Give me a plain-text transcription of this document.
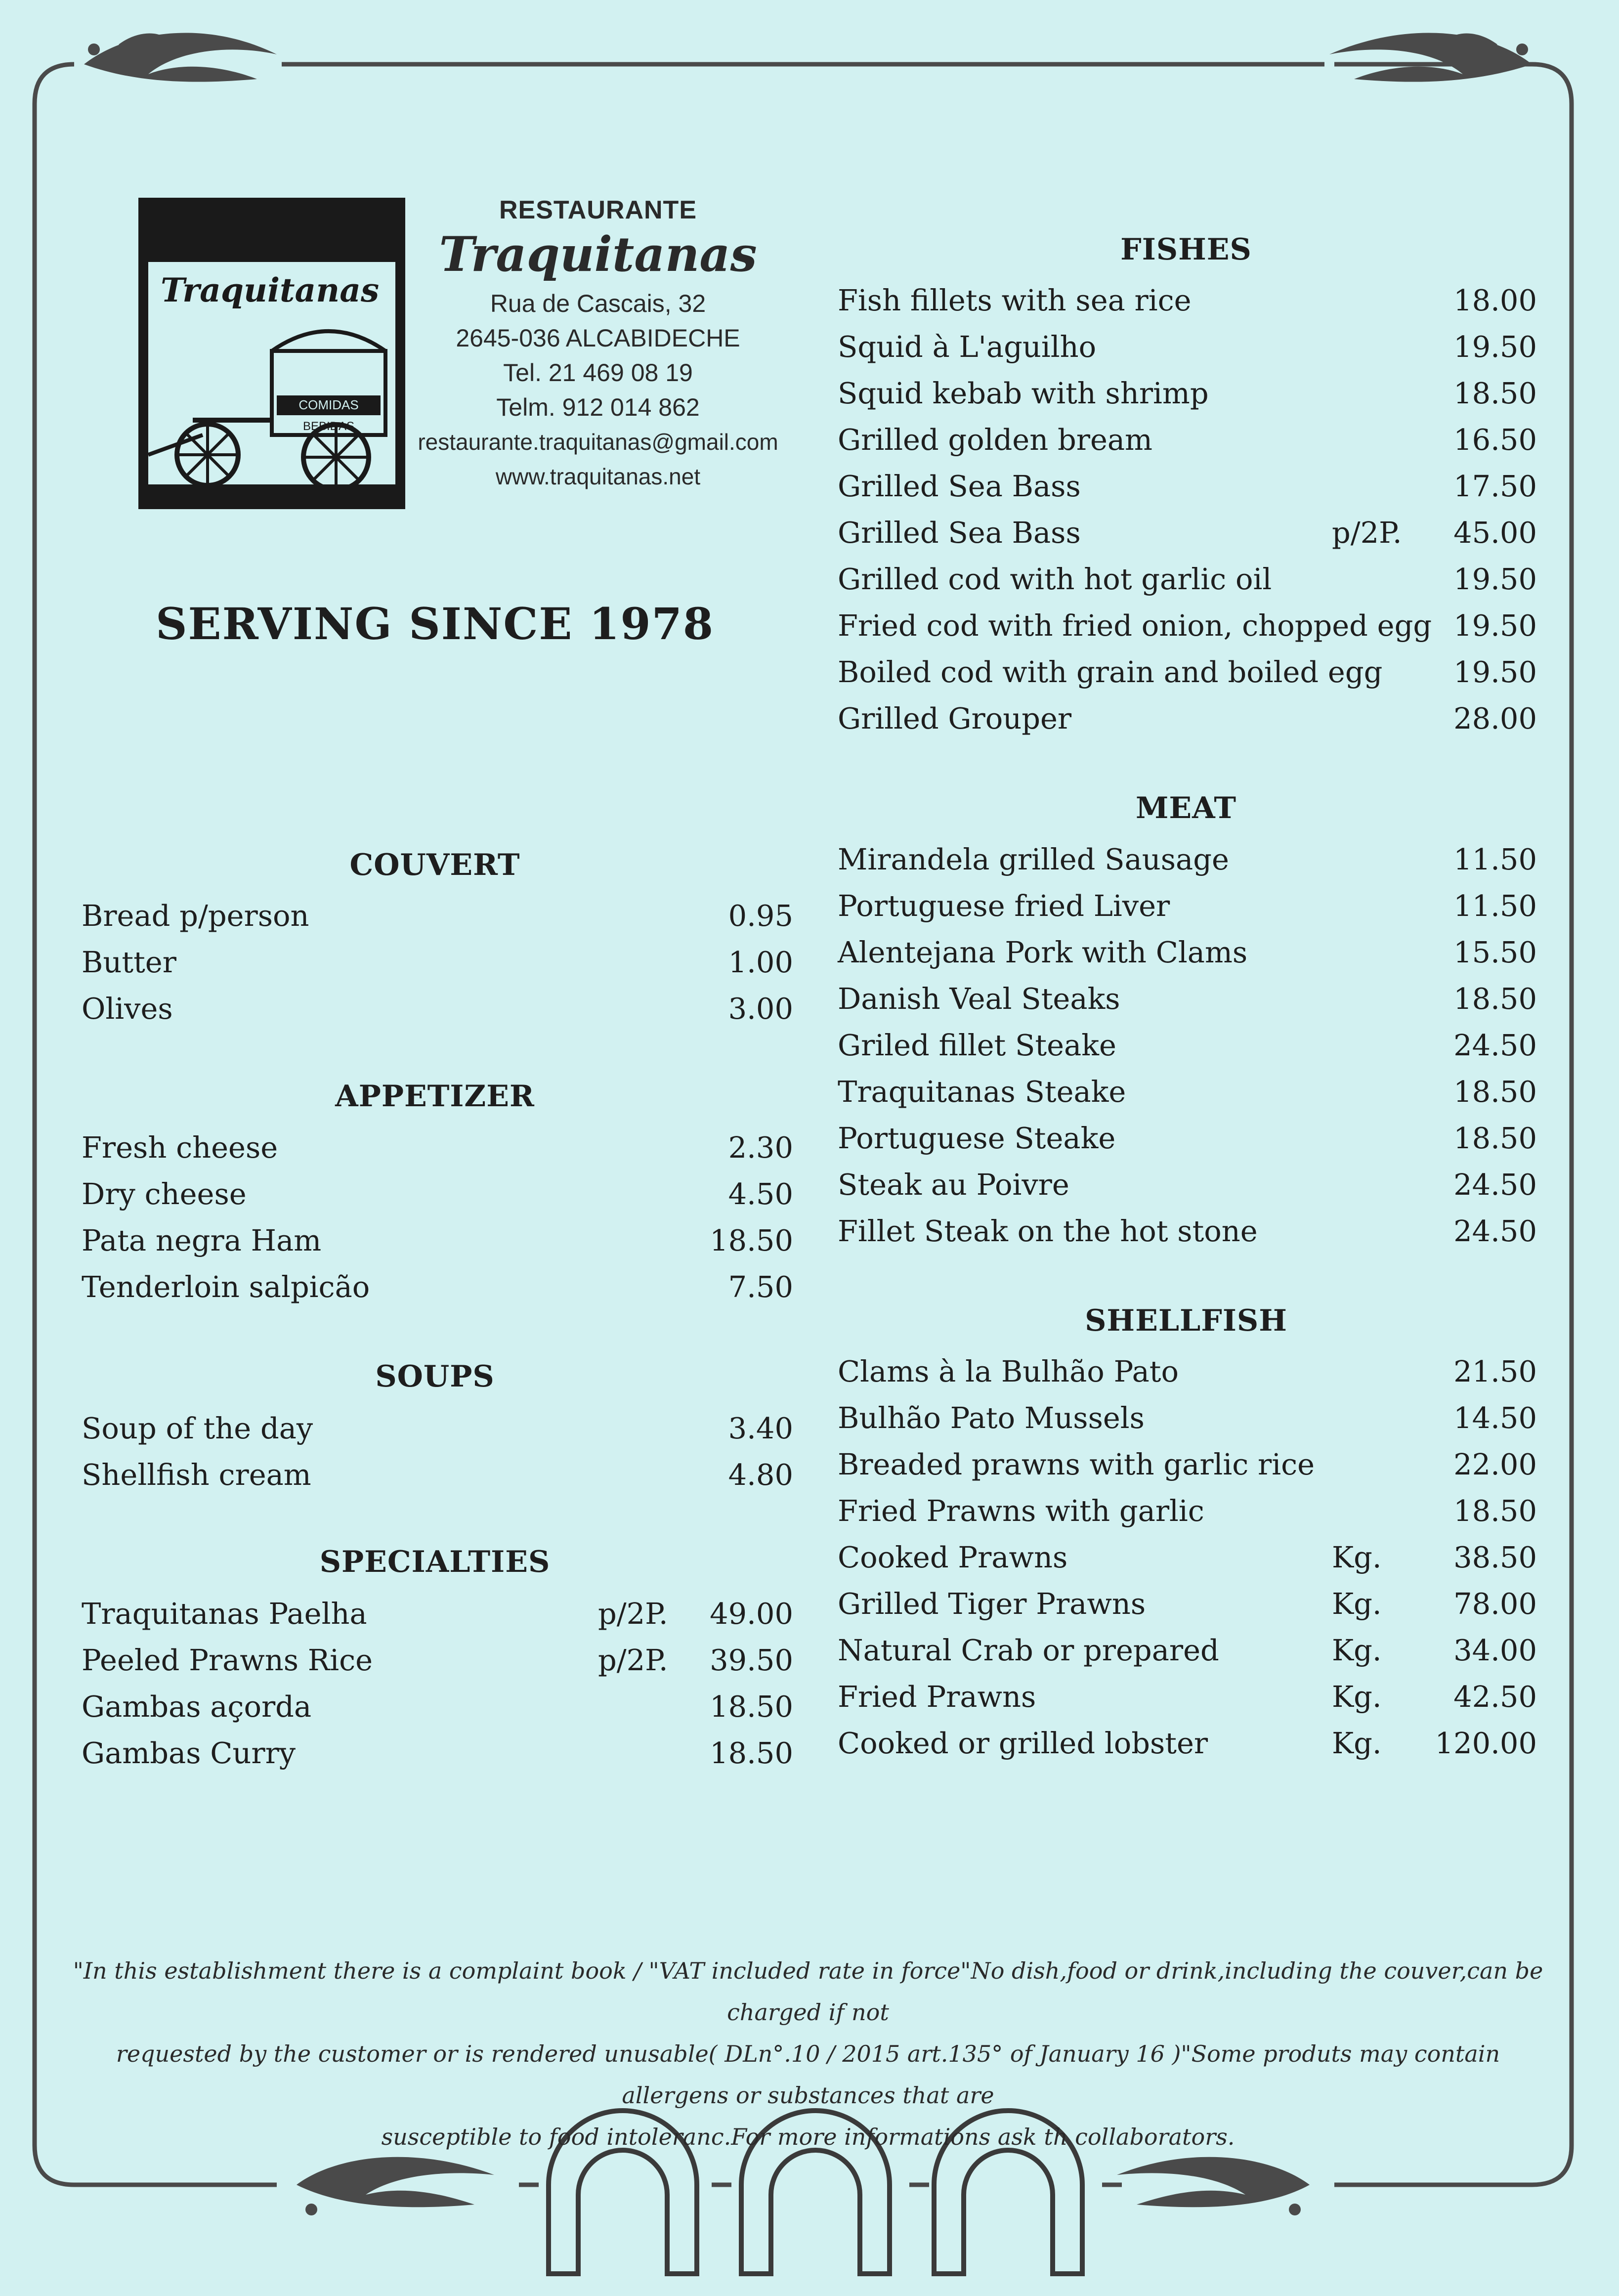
Traquitanas
COMIDAS
BEBIDAS
RESTAURANTE
Traquitanas
Rua de Cascais, 32
2645-036 ALCABIDECHE
Tel. 21 469 08 19
Telm. 912 014 862
restaurante.traquitanas@gmail.com
www.traquitanas.net
SERVING SINCE 1978
COUVERT
Bread p/person	0.95
Butter	1.00
Olives	3.00
APPETIZER
Fresh cheese	2.30
Dry cheese	4.50
Pata negra Ham	18.50
Tenderloin salpicão	7.50
SOUPS
Soup of the day	3.40
Shellfish cream	4.80
SPECIALTIES
Traquitanas Paelha	p/2P. 49.00
Peeled Prawns Rice	p/2P. 39.50
Gambas açorda	18.50
Gambas Curry	18.50
FISHES
Fish fillets with sea rice	18.00
Squid à L'aguilho	19.50
Squid kebab with shrimp	18.50
Grilled golden bream	16.50
Grilled Sea Bass	17.50
Grilled Sea Bass	p/2P. 45.00
Grilled cod with hot garlic oil	19.50
Fried cod with fried onion, chopped egg 19.50
Boiled cod with grain and boiled egg 19.50
Grilled Grouper	28.00
MEAT
Mirandela grilled Sausage	11.50
Portuguese fried Liver	11.50
Alentejana Pork with Clams	15.50
Danish Veal Steaks	18.50
Griled fillet Steake	24.50
Traquitanas Steake	18.50
Portuguese Steake	18.50
Steak au Poivre	24.50
Fillet Steak on the hot stone	24.50
SHELLFISH
Clams à la Bulhão Pato	21.50
Bulhão Pato Mussels	14.50
Breaded prawns with garlic rice	22.00
Fried Prawns with garlic	18.50
Cooked Prawns	Kg. 38.50
Grilled Tiger Prawns	Kg. 78.00
Natural Crab or prepared	Kg. 34.00
Fried Prawns	Kg. 42.50
Cooked or grilled lobster	Kg. 120.00
"In this establishment there is a complaint book / "VAT included rate in force"No dish,food or drink,including the couver,can be charged if not
requested by the customer or is rendered unusable( DLn°.10 / 2015 art.135° of January 16 )"Some produts may contain allergens or substances that are
susceptible to food intoleranc.For more informations ask th collaborators.
